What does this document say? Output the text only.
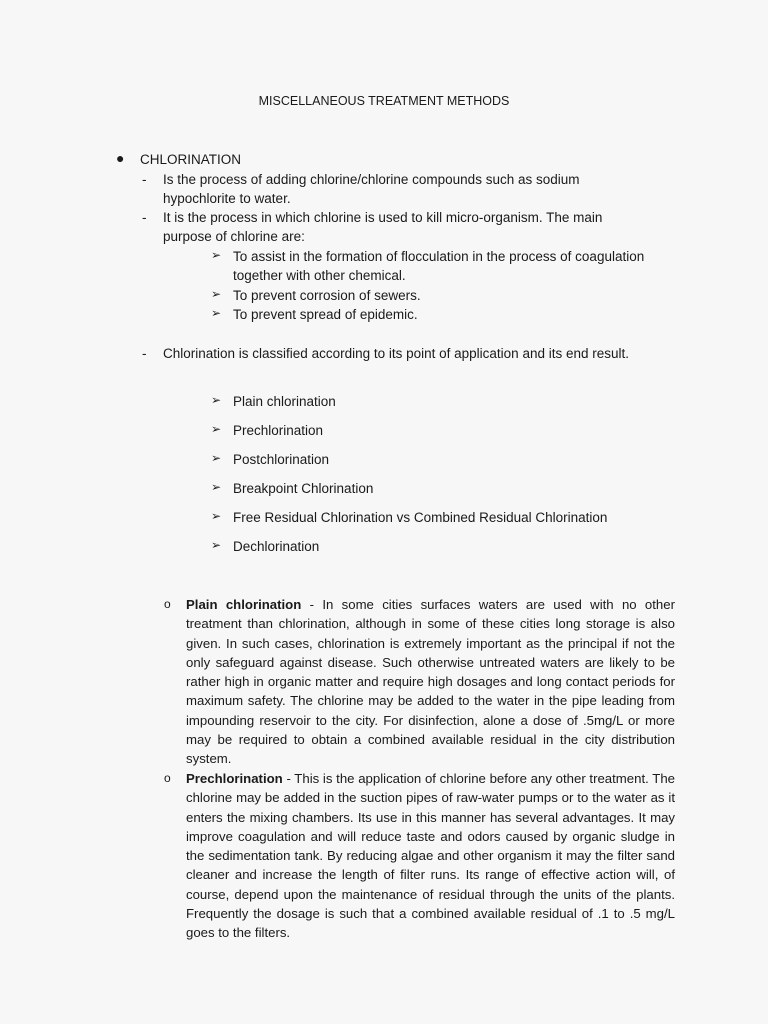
MISCELLANEOUS TREATMENT METHODS
● CHLORINATION
- Is the process of adding chlorine/chlorine compounds such as sodium
hypochlorite to water.
- It is the process in which chlorine is used to kill micro-organism. The main
purpose of chlorine are:
➢ To assist in the formation of flocculation in the process of coagulation
together with other chemical.
➢ To prevent corrosion of sewers.
➢ To prevent spread of epidemic.
- Chlorination is classified according to its point of application and its end result.
➢ Plain chlorination
➢ Prechlorination
➢ Postchlorination
➢ Breakpoint Chlorination
➢ Free Residual Chlorination vs Combined Residual Chlorination
➢ Dechlorination
o Plain chlorination - In some cities surfaces waters are used with no other treatment than chlorination, although in some of these cities long storage is also given. In such cases, chlorination is extremely important as the principal if not the only safeguard against disease. Such otherwise untreated waters are likely to be rather high in organic matter and require high dosages and long contact periods for maximum safety. The chlorine may be added to the water in the pipe leading from impounding reservoir to the city. For disinfection, alone a dose of .5mg/L or more may be required to obtain a combined available residual in the city distribution system.
o Prechlorination - This is the application of chlorine before any other treatment. The chlorine may be added in the suction pipes of raw-water pumps or to the water as it enters the mixing chambers. Its use in this manner has several advantages. It may improve coagulation and will reduce taste and odors caused by organic sludge in the sedimentation tank. By reducing algae and other organism it may the filter sand cleaner and increase the length of filter runs. Its range of effective action will, of course, depend upon the maintenance of residual through the units of the plants. Frequently the dosage is such that a combined available residual of .1 to .5 mg/L goes to the filters.
